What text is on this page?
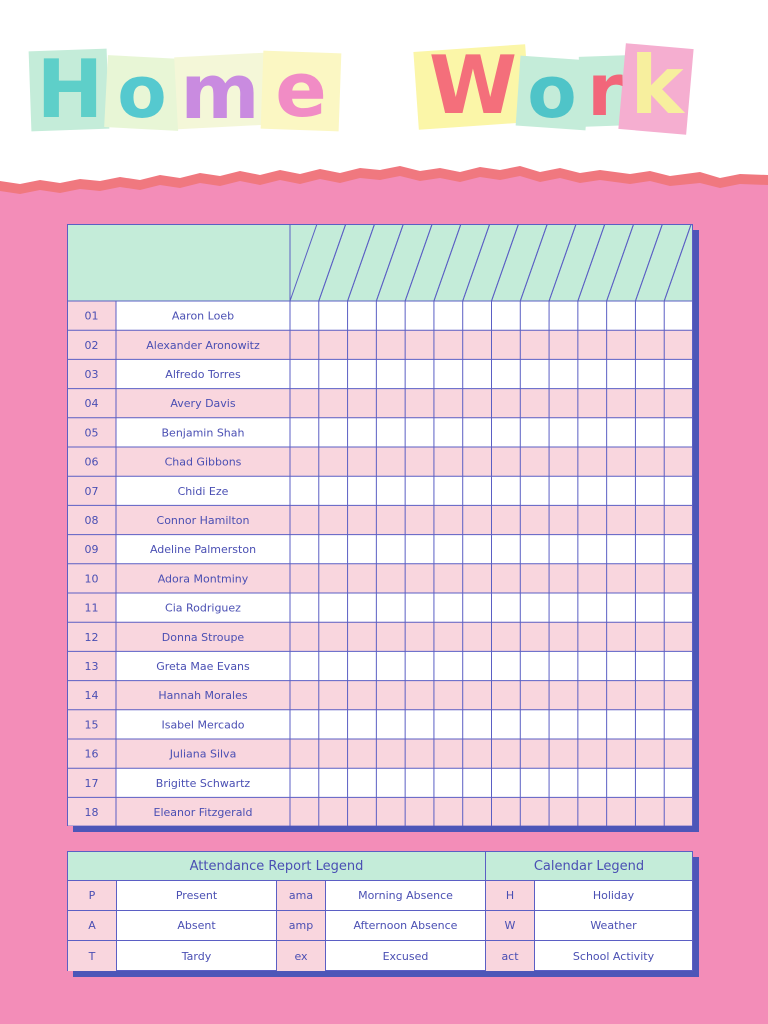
H o m e W o r k
01	Aaron Loeb
02	Alexander Aronowitz
03	Alfredo Torres
04	Avery Davis
05	Benjamin Shah
06	Chad Gibbons
07	Chidi Eze
08	Connor Hamilton
09	Adeline Palmerston
10	Adora Montminy
11	Cia Rodriguez
12	Donna Stroupe
13	Greta Mae Evans
14	Hannah Morales
15	Isabel Mercado
16	Juliana Silva
17	Brigitte Schwartz
18	Eleanor Fitzgerald
Attendance Report Legend	Calendar Legend
P	Present	ama	Morning Absence	H	Holiday
A	Absent	amp	Afternoon Absence	W	Weather
T	Tardy	ex	Excused	act	School Activity
